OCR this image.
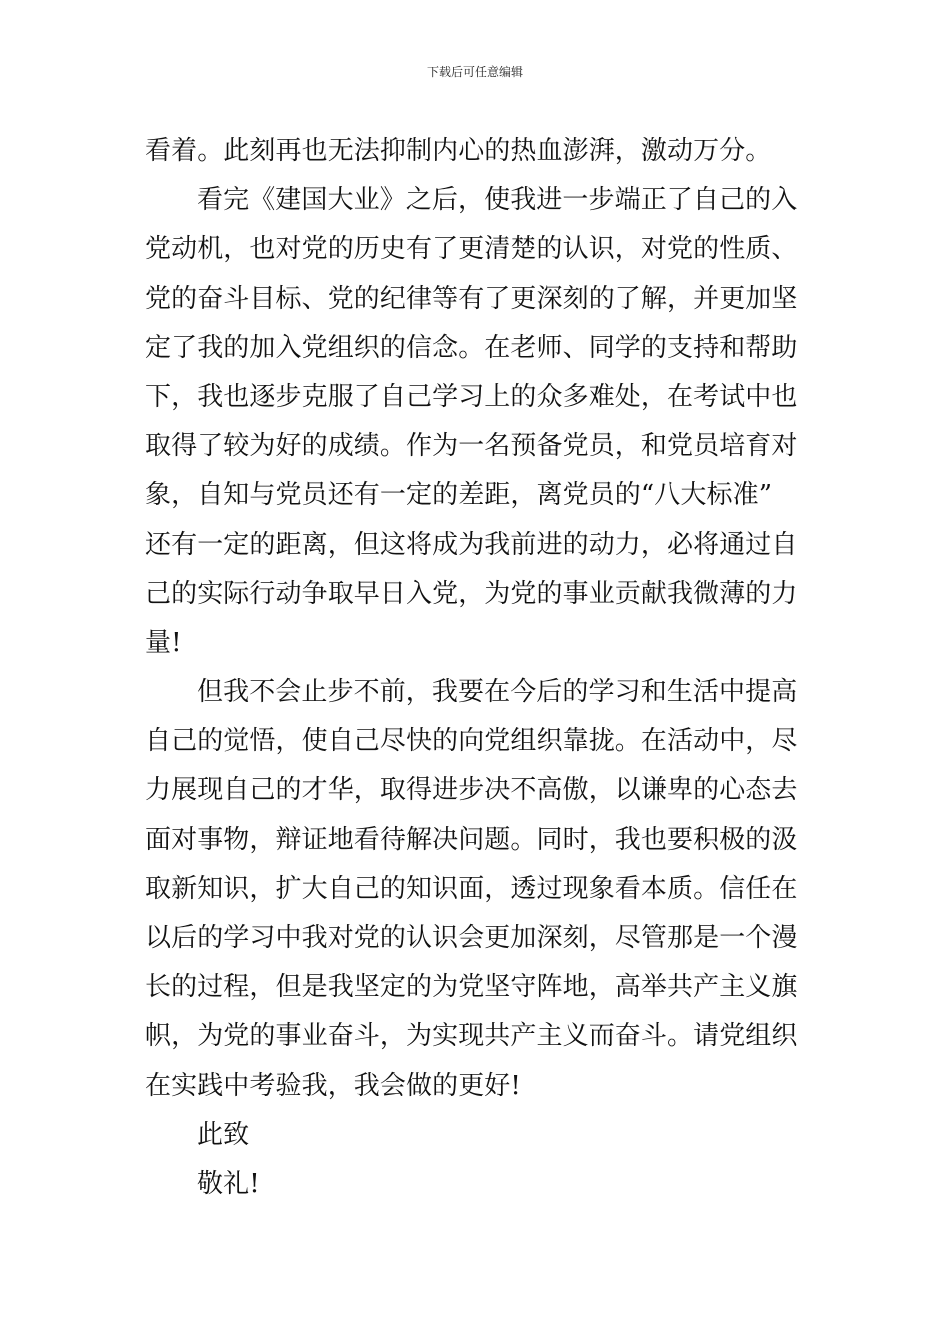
下载后可任意编辑
看着。此刻再也无法抑制内心的热血澎湃，激动万分。
看完《建国大业》之后，使我进一步端正了自己的入
党动机，也对党的历史有了更清楚的认识，对党的性质、
党的奋斗目标、党的纪律等有了更深刻的了解，并更加坚
定了我的加入党组织的信念。在老师、同学的支持和帮助
下，我也逐步克服了自己学习上的众多难处，在考试中也
取得了较为好的成绩。作为一名预备党员，和党员培育对
象，自知与党员还有一定的差距，离党员的“八大标准”
还有一定的距离，但这将成为我前进的动力，必将通过自
己的实际行动争取早日入党，为党的事业贡献我微薄的力
量!
但我不会止步不前，我要在今后的学习和生活中提高
自己的觉悟，使自己尽快的向党组织靠拢。在活动中，尽
力展现自己的才华，取得进步决不高傲，以谦卑的心态去
面对事物，辩证地看待解决问题。同时，我也要积极的汲
取新知识，扩大自己的知识面，透过现象看本质。信任在
以后的学习中我对党的认识会更加深刻，尽管那是一个漫
长的过程，但是我坚定的为党坚守阵地，高举共产主义旗
帜，为党的事业奋斗，为实现共产主义而奋斗。请党组织
在实践中考验我，我会做的更好!
此致
敬礼!
